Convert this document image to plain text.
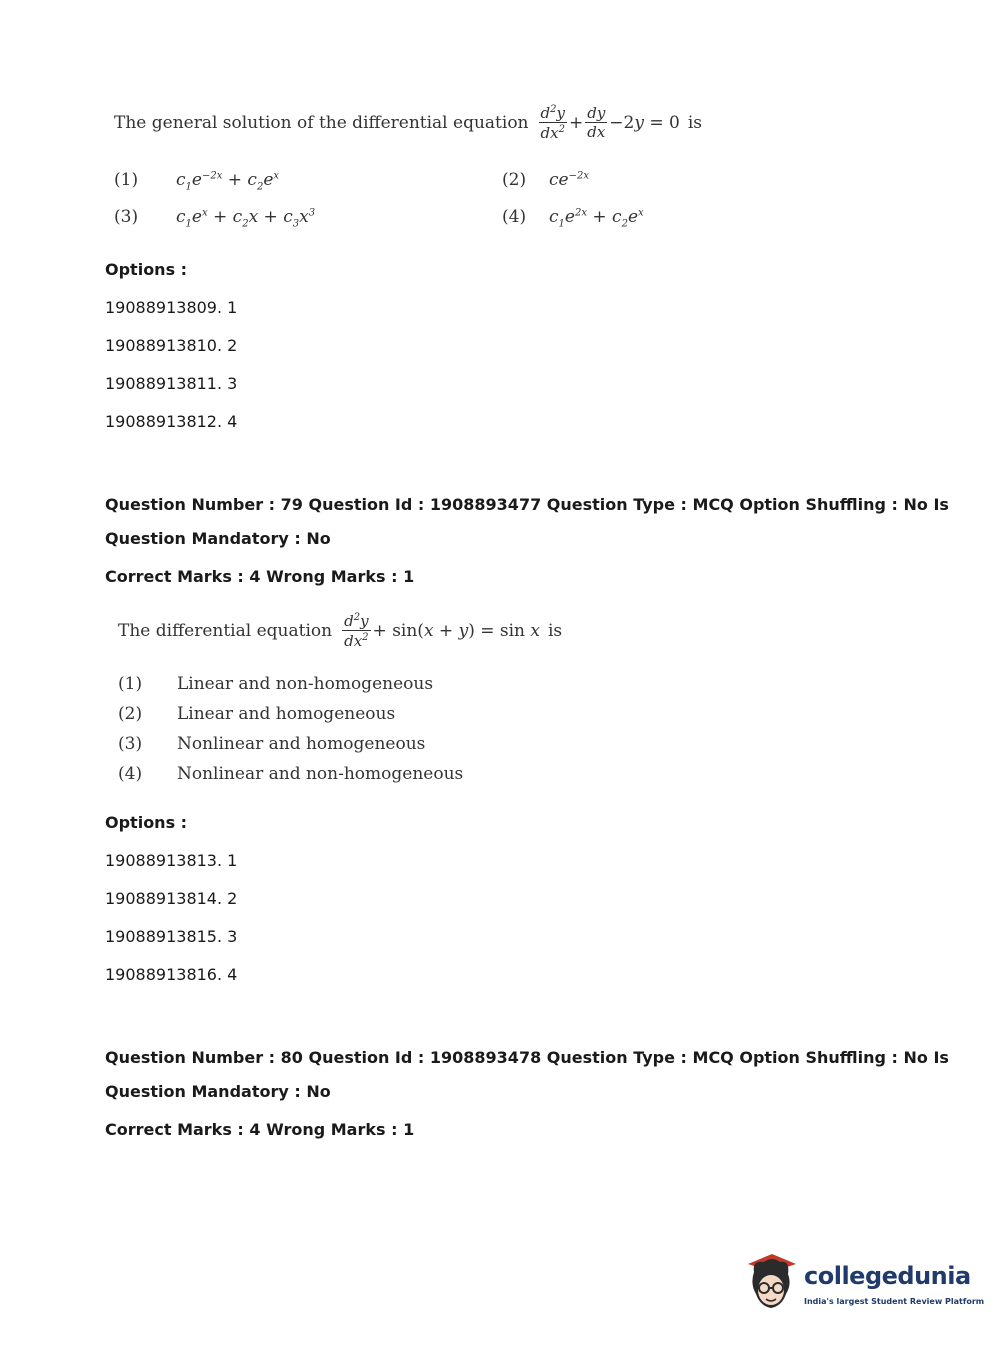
The general solution of the differential equation $\frac{d^2y}{dx^2} + \frac{dy}{dx} -2y = 0$ is
(1) $c_1e^{-2x} + c_2e^x$	(2) $ce^{-2x}$
(3) $c_1e^x + c_2x + c_3x^3$	(4) $c_1e^{2x} + c_2e^x$
Options :
19088913809. 1
19088913810. 2
19088913811. 3
19088913812. 4
Question Number : 79 Question Id : 1908893477 Question Type : MCQ Option Shuffling : No Is
Question Mandatory : No
Correct Marks : 4 Wrong Marks : 1
The differential equation $\frac{d^2y}{dx^2} + \sin(x + y) = \sin x$ is
(1) Linear and non-homogeneous
(2) Linear and homogeneous
(3) Nonlinear and homogeneous
(4) Nonlinear and non-homogeneous
Options :
19088913813. 1
19088913814. 2
19088913815. 3
19088913816. 4
Question Number : 80 Question Id : 1908893478 Question Type : MCQ Option Shuffling : No Is
Question Mandatory : No
Correct Marks : 4 Wrong Marks : 1
collegedunia
India's largest Student Review Platform
